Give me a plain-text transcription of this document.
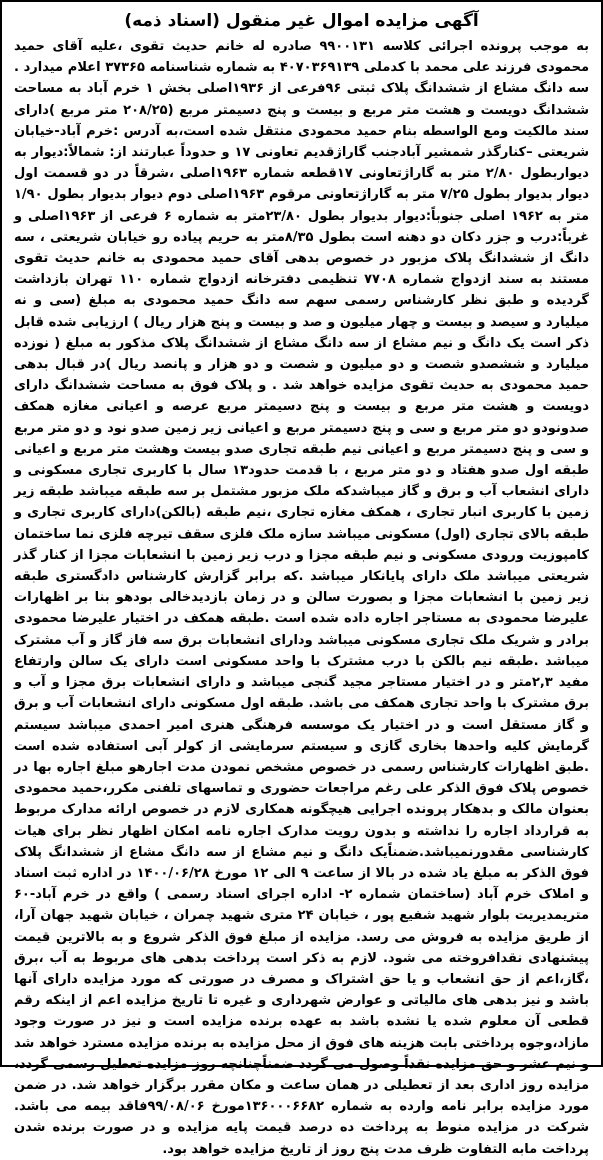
آگهی مزایده اموال غیر منقول (اسناد ذمه)

به موجب پرونده اجرائی کلاسه ۹۹۰۰۱۳۱ صادره له خانم حدیث تقوی ،علیه آقای حمید محمودی فرزند علی محمد با کدملی ۴۰۷۰۳۶۹۱۳۹ به شماره شناسنامه ۳۷۳۶۵ اعلام میدارد . سه دانگ مشاع از ششدانگ پلاک ثبتی ۹۶فرعی از ۱۹۳۶اصلی بخش ۱ خرم آباد به مساحت ششدانگ دویست و هشت متر مربع و بیست و پنج دسیمتر مربع (۲۰۸/۲۵ متر مربع )دارای سند مالکیت ومع الواسطه بنام حمید محمودی منتقل شده است،به آدرس :خرم آباد-خیابان شریعتی –کنارگذر شمشیر آبادجنب گاراژقدیم تعاونی ۱۷ و حدوداً عبارتند از: شمالاً:دیوار به دیواربطول ۲/۸۰ متر به گاراژتعاونی ۱۷قطعه شماره ۱۹۶۳اصلی ،شرقاً در دو قسمت اول دیوار بدیوار بطول ۷/۲۵ متر به گاراژتعاونی مرقوم ۱۹۶۳اصلی دوم دیوار بدیوار بطول ۱/۹۰ متر به ۱۹۶۲ اصلی جنوباً:دیوار بدیوار بطول ۲۳/۸۰متر به شماره ۶ فرعی از ۱۹۶۳اصلی و غرباً:درب و جزر دکان دو دهنه است بطول ۸/۳۵متر به حریم پیاده رو خیابان شریعتی ، سه دانگ از ششدانگ پلاک مزبور در خصوص بدهی آقای حمید محمودی به خانم حدیث تقوی مستند به سند ازدواج شماره ۷۷۰۸ تنظیمی دفترخانه ازدواج شماره ۱۱۰ تهران بازداشت گردیده و طبق نظر کارشناس رسمی سهم سه دانگ حمید محمودی به مبلغ (سی و نه میلیارد و سیصد و بیست و چهار میلیون و صد و بیست و پنج هزار ریال ) ارزیابی شده قابل ذکر است یک دانگ و نیم مشاع از سه دانگ مشاع از ششدانگ پلاک مذکور به مبلغ ( نوزده میلیارد و ششصدو شصت و دو میلیون و شصت و دو هزار و پانصد ریال )در قبال بدهی حمید محمودی به حدیث تقوی مزایده خواهد شد . و پلاک فوق به مساحت ششدانگ دارای دویست و هشت متر مربع و بیست و پنج دسیمتر مربع عرصه و اعیانی مغازه همکف صدونودو دو متر مربع و سی و پنج دسیمتر مربع و اعیانی زیر زمین صدو نود و دو متر مربع و سی و پنج دسیمتر مربع و اعیانی نیم طبقه تجاری صدو بیست وهشت متر مربع و اعیانی طبقه اول صدو هفتاد و دو متر مربع ، با قدمت حدود۱۳ سال با کاربری تجاری مسکونی و دارای انشعاب آب و برق و گاز میباشدکه ملک مزبور مشتمل بر سه طبقه میباشد طبقه زیر زمین با کاربری انبار تجاری ، همکف مغازه تجاری ،نیم طبقه (بالکن)دارای کاربری تجاری و طبقه بالای تجاری (اول) مسکونی میباشد سازه ملک فلزی سقف تیرچه فلزی نما ساختمان کامپوزیت ورودی مسکونی و نیم طبقه مجزا و درب زیر زمین با انشعابات مجزا از کنار گذر شریعتی میباشد ملک دارای پایانکار میباشد .که برابر گزارش کارشناس دادگستری طبقه زیر زمین با انشعابات مجزا و بصورت سالن و در زمان بازدیدخالی بودهو بنا بر اظهارات علیرضا محمودی به مستاجر اجاره داده شده است .طبقه همکف در اختیار علیرضا محمودی برادر و شریک ملک تجاری مسکونی میباشد ودارای انشعابات برق سه فاز گاز و آب مشترک میباشد .طبقه نیم بالکن با درب مشترک با واحد مسکونی است دارای یک سالن وارتفاع مفید ۲,۳متر و در اختیار مستاجر مجید گنجی میباشد و دارای انشعابات برق مجزا و آب و برق مشترک با واحد تجاری همکف می باشد. طبقه اول مسکونی دارای انشعابات آب و برق و گاز مستقل است و در اختیار یک موسسه فرهنگی هنری امیر احمدی میباشد سیستم گرمایش کلیه واحدها بخاری گازی و سیستم سرمایشی از کولر آبی استفاده شده است .طبق اظهارات کارشناس رسمی در خصوص مشخص نمودن مدت اجارهو مبلغ اجاره بها در خصوص پلاک فوق الذکر علی رغم مراجعات حضوری و تماسهای تلفنی مکرر،حمید محمودی بعنوان مالک و بدهکار پرونده اجرایی هیچگونه همکاری لازم در خصوص ارائه مدارک مربوط به قرارداد اجاره را نداشته و بدون رویت مدارک اجاره نامه امکان اظهار نظر برای هیات کارشناسی مقدورنمیباشد.ضمناًیک دانگ و نیم مشاع از سه دانگ مشاع از ششدانگ پلاک فوق الذکر به مبلغ یاد شده در بالا از ساعت ۹ الی ۱۲ مورخ ۱۴۰۰/۰۶/۲۸ در اداره ثبت اسناد و املاک خرم آباد (ساختمان شماره ۲- اداره اجرای اسناد رسمی ) واقع در خرم آباد-۶۰ متریمدیریت بلوار شهید شفیع پور ، خیابان ۲۴ متری شهید چمران ، خیابان شهید جهان آرا، از طریق مزایده به فروش می رسد. مزایده از مبلغ فوق الذکر شروع و به بالاترین قیمت پیشنهادی نقدافروخته می شود. لازم به ذکر است پرداخت بدهی های مربوط به آب ،برق ،گاز،اعم از حق انشعاب و یا حق اشتراک و مصرف در صورتی که مورد مزایده دارای آنها باشد و نیز بدهی های مالیاتی و عوارض شهرداری و غیره تا تاریخ مزایده اعم از اینکه رقم قطعی آن معلوم شده یا نشده باشد به عهده برنده مزایده است و نیز در صورت وجود مازاد،وجوه پرداختی بابت هزینه های فوق از محل مزایده به برنده مزایده مسترد خواهد شد و نیم عشر و حق مزایده نقداً وصول می گردد ضمناًچنانچه روز مزایده تعطیل رسمی گردد، مزایده روز اداری بعد از تعطیلی در همان ساعت و مکان مقرر برگزار خواهد شد. در ضمن مورد مزایده برابر نامه وارده به شماره ۱۳۶۰۰۰۶۶۸۲مورخ ۹۹/۰۸/۰۶فاقد بیمه می باشد. شرکت در مزایده منوط به پرداخت ده درصد قیمت پایه مزایده و در صورت برنده شدن پرداخت مابه التفاوت ظرف مدت پنج روز از تاریخ مزایده خواهد بود.
